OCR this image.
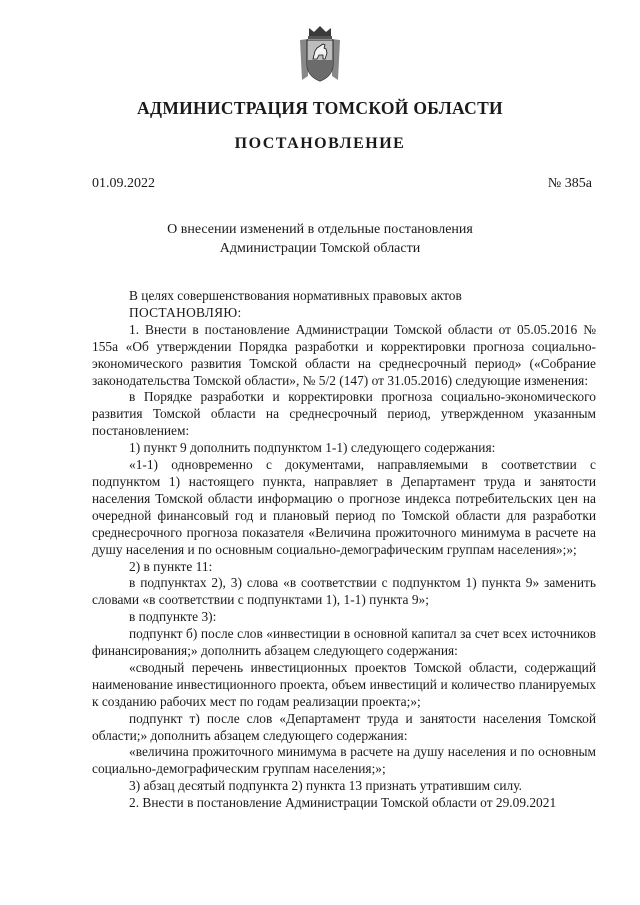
АДМИНИСТРАЦИЯ ТОМСКОЙ ОБЛАСТИ
ПОСТАНОВЛЕНИЕ
01.09.2022	№ 385а
О внесении изменений в отдельные постановления
Администрации Томской области

В целях совершенствования нормативных правовых актов

ПОСТАНОВЛЯЮ:

1. Внести в постановление Администрации Томской области от 05.05.2016 № 155а «Об утверждении Порядка разработки и корректировки прогноза социально-экономического развития Томской области на среднесрочный период» («Собрание законодательства Томской области», № 5/2 (147) от 31.05.2016) следующие изменения:

в Порядке разработки и корректировки прогноза социально-экономического развития Томской области на среднесрочный период, утвержденном указанным постановлением:

1) пункт 9 дополнить подпунктом 1-1) следующего содержания:

«1-1) одновременно с документами, направляемыми в соответствии с подпунктом 1) настоящего пункта, направляет в Департамент труда и занятости населения Томской области информацию о прогнозе индекса потребительских цен на очередной финансовый год и плановый период по Томской области для разработки среднесрочного прогноза показателя «Величина прожиточного минимума в расчете на душу населения и по основным социально-демографическим группам населения»;»;

2) в пункте 11:

в подпунктах 2), 3) слова «в соответствии с подпунктом 1) пункта 9» заменить словами «в соответствии с подпунктами 1), 1-1) пункта 9»;

в подпункте 3):

подпункт б) после слов «инвестиции в основной капитал за счет всех источников финансирования;» дополнить абзацем следующего содержания:

«сводный перечень инвестиционных проектов Томской области, содержащий наименование инвестиционного проекта, объем инвестиций и количество планируемых к созданию рабочих мест по годам реализации проекта;»;

подпункт т) после слов «Департамент труда и занятости населения Томской области;» дополнить абзацем следующего содержания:

«величина прожиточного минимума в расчете на душу населения и по основным социально-демографическим группам населения;»;

3) абзац десятый подпункта 2) пункта 13 признать утратившим силу.

2. Внести в постановление Администрации Томской области от 29.09.2021
